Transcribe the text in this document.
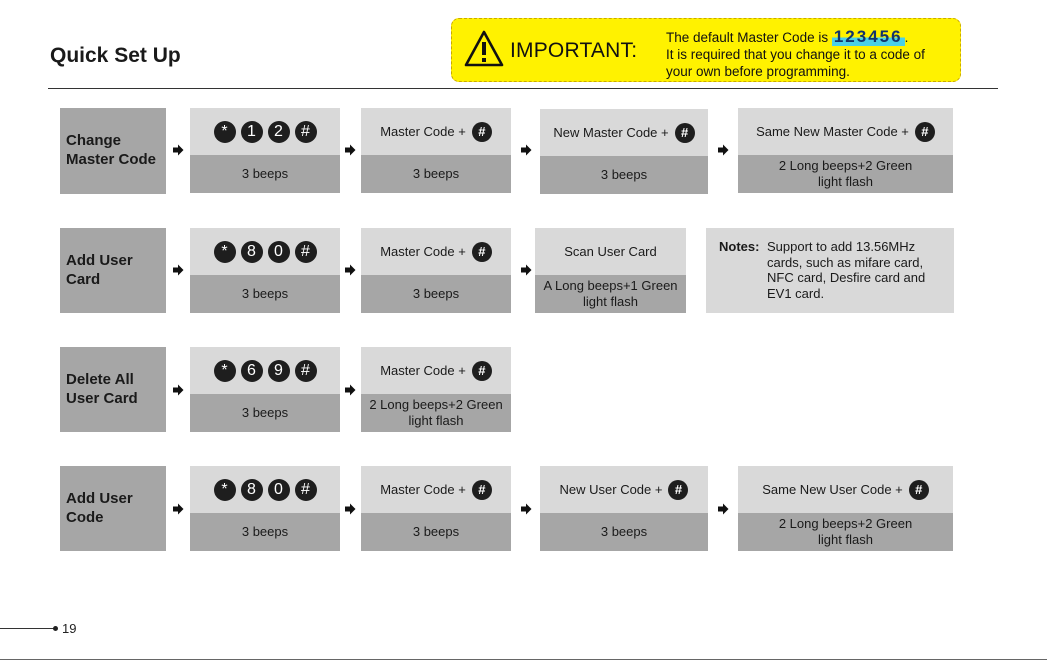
Quick Set Up	IMPORTANT:
The default Master Code is 123456 .
It is required that you change it to a code of
your own before programming.
Change
Master Code
*	1	2	#
3 beeps
Master Code + #
3 beeps
New Master Code + #
3 beeps
Same New Master Code + #
2 Long beeps+2 Green
light flash
Add User
Card
*	8	0	#
3 beeps
Master Code + #
3 beeps
Scan User Card
A Long beeps+1 Green
light flash
Notes: Support to add 13.56MHz
cards, such as mifare card,
NFC card, Desfire card and
EV1 card.
Delete All
User Card
*	6	9	#
3 beeps
Master Code + #
2 Long beeps+2 Green
light flash
Add User
Code
*	8	0	#
3 beeps
Master Code + #
3 beeps
New User Code + #
3 beeps
Same New User Code + #
2 Long beeps+2 Green
light flash
19
